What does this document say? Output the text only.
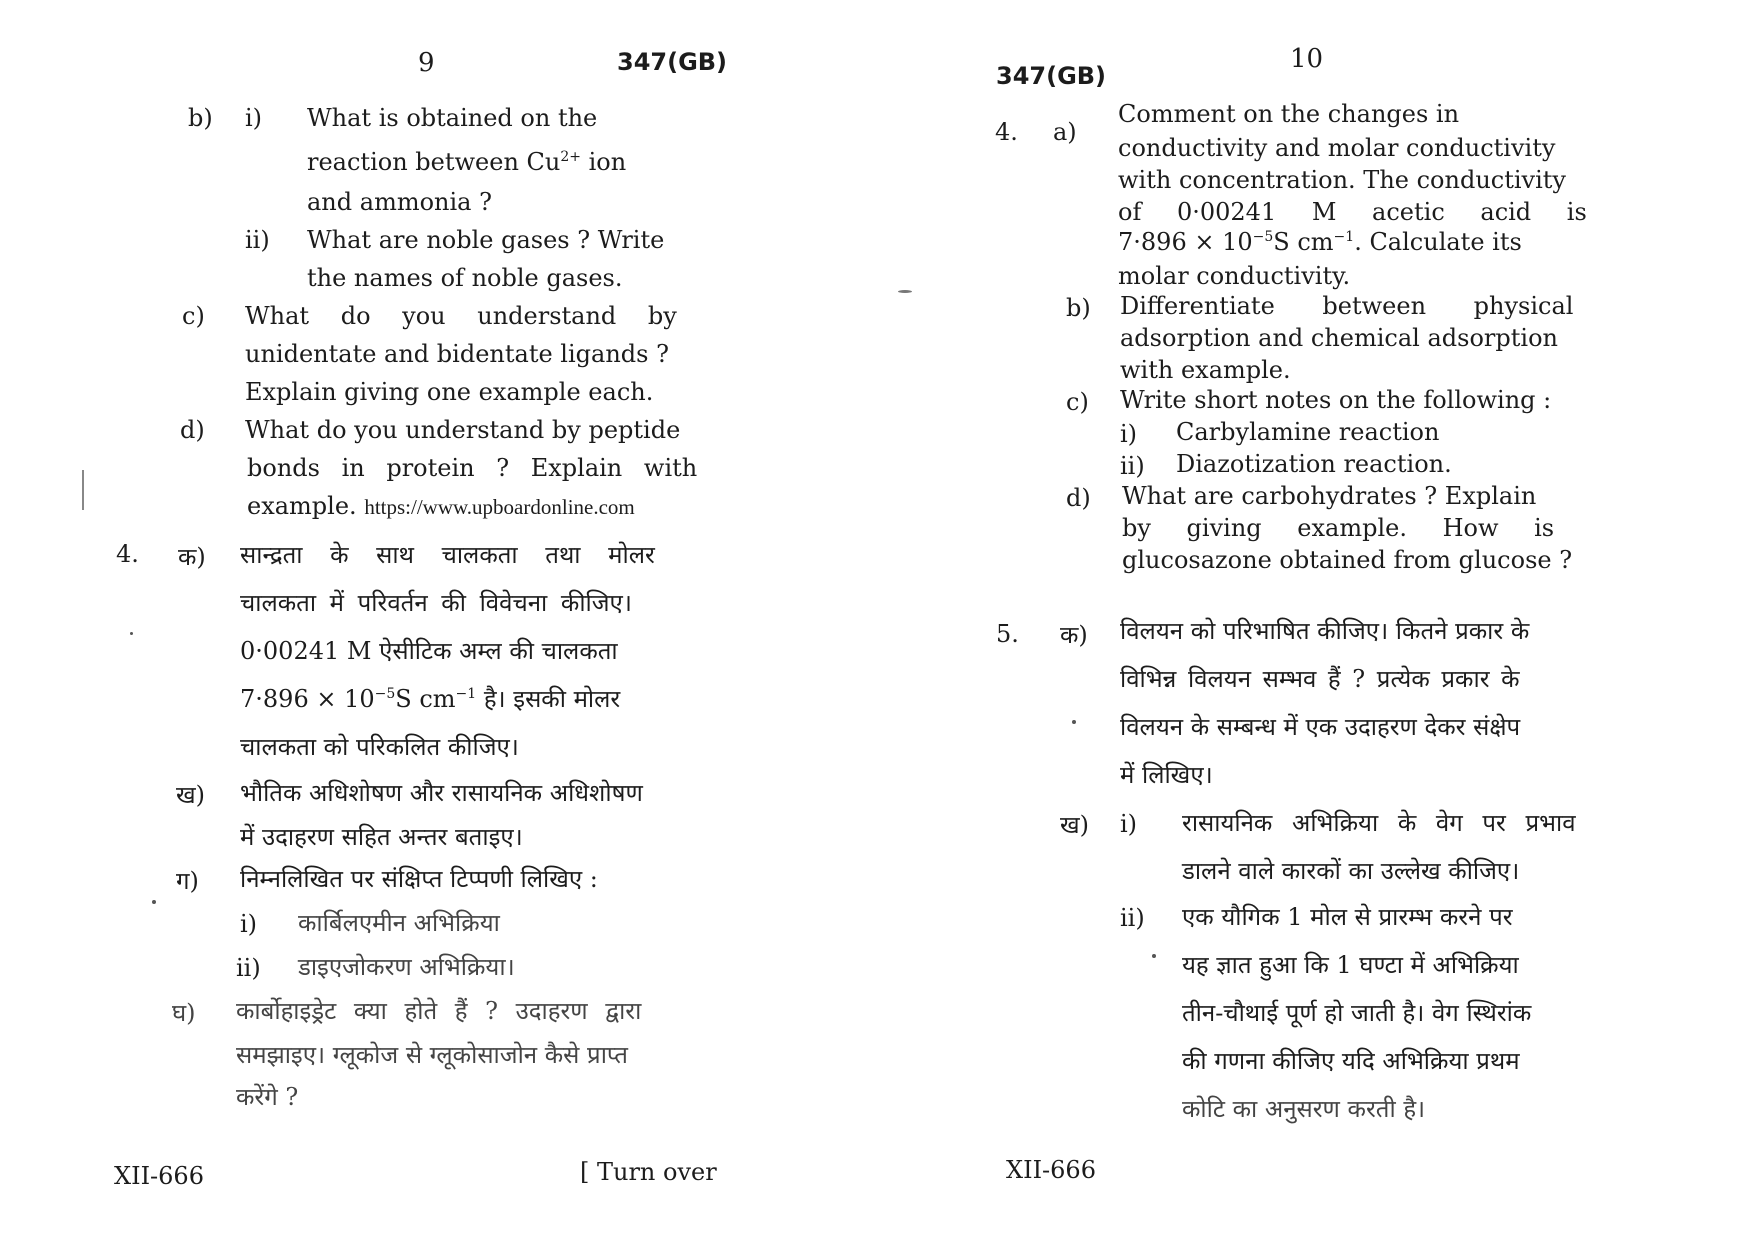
9	347(GB)
b) i) What is obtained on the
reaction between $Cu^{2+}$ ion
and ammonia ?
ii) What are noble gases ? Write
the names of noble gases.
c) What do you understand by
unidentate and bidentate ligands ?
Explain giving one example each.
d) What do you understand by peptide
bonds in protein ? Explain with
example. https://www.upboardonline.com
4. क) सान्द्रता के साथ चालकता तथा मोलर
चालकता में परिवर्तन की विवेचना कीजिए।
0·00241 M ऐसीटिक अम्ल की चालकता
$7\cdot 896 \times 10^{-5}S$ $cm^{-1}$ है। इसकी मोलर
चालकता को परिकलित कीजिए।
ख) भौतिक अधिशोषण और रासायनिक अधिशोषण
में उदाहरण सहित अन्तर बताइए।
ग) निम्नलिखित पर संक्षिप्त टिप्पणी लिखिए :
i) कार्बिलएमीन अभिक्रिया
ii) डाइएजोकरण अभिक्रिया।
घ) कार्बोहाइड्रेट क्या होते हैं ? उदाहरण द्वारा
समझाइए। ग्लूकोज से ग्लूकोसाजोन कैसे प्राप्त
करेंगे ?
XII-666	[ Turn over
10
347(GB)
4. a)
Comment on the changes in
conductivity and molar conductivity
with concentration. The conductivity
of 0·00241 M acetic acid is
$7\cdot 896 \times 10^{-5}S$ $cm^{-1}$. Calculate its
molar conductivity.
b) Differentiate between physical
adsorption and chemical adsorption
with example.
c) Write short notes on the following :
i) Carbylamine reaction
ii) Diazotization reaction.
d) What are carbohydrates ? Explain
by giving example. How is
glucosazone obtained from glucose ?
5. क) विलयन को परिभाषित कीजिए। कितने प्रकार के
विभिन्न विलयन सम्भव हैं ? प्रत्येक प्रकार के
विलयन के सम्बन्ध में एक उदाहरण देकर संक्षेप
में लिखिए।
ख) i) रासायनिक अभिक्रिया के वेग पर प्रभाव
डालने वाले कारकों का उल्लेख कीजिए।
ii) एक यौगिक 1 मोल से प्रारम्भ करने पर
यह ज्ञात हुआ कि 1 घण्टा में अभिक्रिया
तीन-चौथाई पूर्ण हो जाती है। वेग स्थिरांक
की गणना कीजिए यदि अभिक्रिया प्रथम
कोटि का अनुसरण करती है।
XII-666
